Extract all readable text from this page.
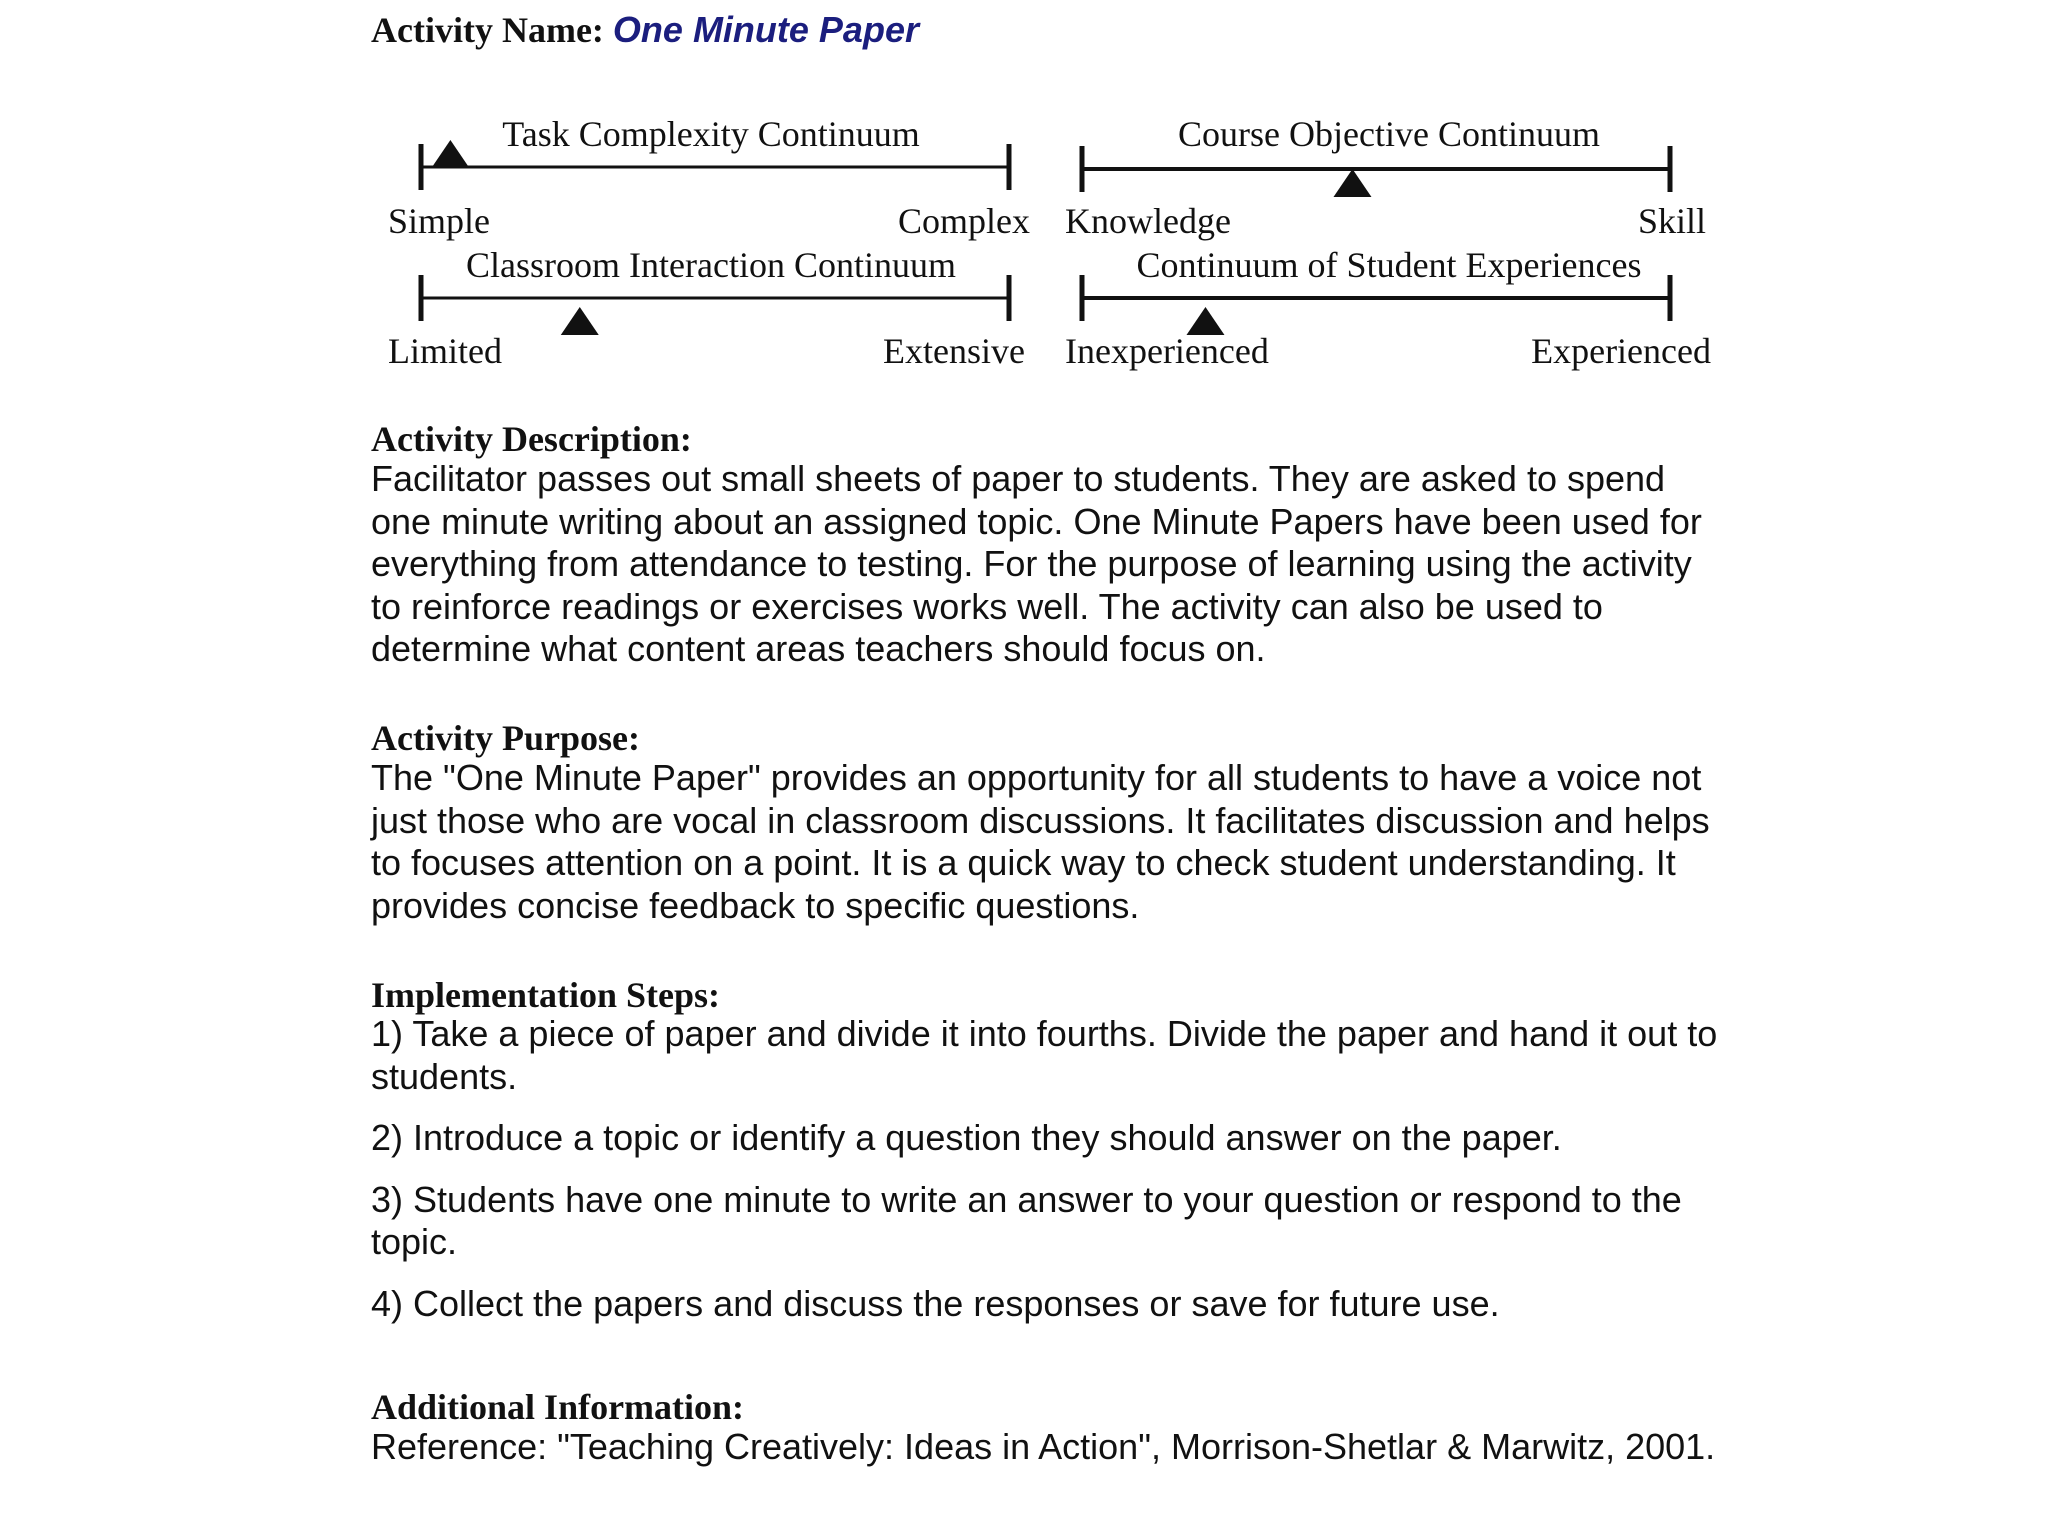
Activity Name: One Minute Paper
Task Complexity Continuum
Simple	Complex
Course Objective Continuum
Knowledge	Skill
Classroom Interaction Continuum
Limited	Extensive
Continuum of Student Experiences
Inexperienced	Experienced
Activity Description:

Facilitator passes out small sheets of paper to students. They are asked to spend one minute writing about an assigned topic. One Minute Papers have been used for everything from attendance to testing. For the purpose of learning using the activity to reinforce readings or exercises works well. The activity can also be used to determine what content areas teachers should focus on.

Activity Purpose:

The "One Minute Paper" provides an opportunity for all students to have a voice not just those who are vocal in classroom discussions. It facilitates discussion and helps to focuses attention on a point. It is a quick way to check student understanding. It provides concise feedback to specific questions.

Implementation Steps:

1) Take a piece of paper and divide it into fourths. Divide the paper and hand it out to students.

2) Introduce a topic or identify a question they should answer on the paper.

3) Students have one minute to write an answer to your question or respond to the topic.

4) Collect the papers and discuss the responses or save for future use.

Additional Information:

Reference: "Teaching Creatively: Ideas in Action", Morrison-Shetlar & Marwitz, 2001.
